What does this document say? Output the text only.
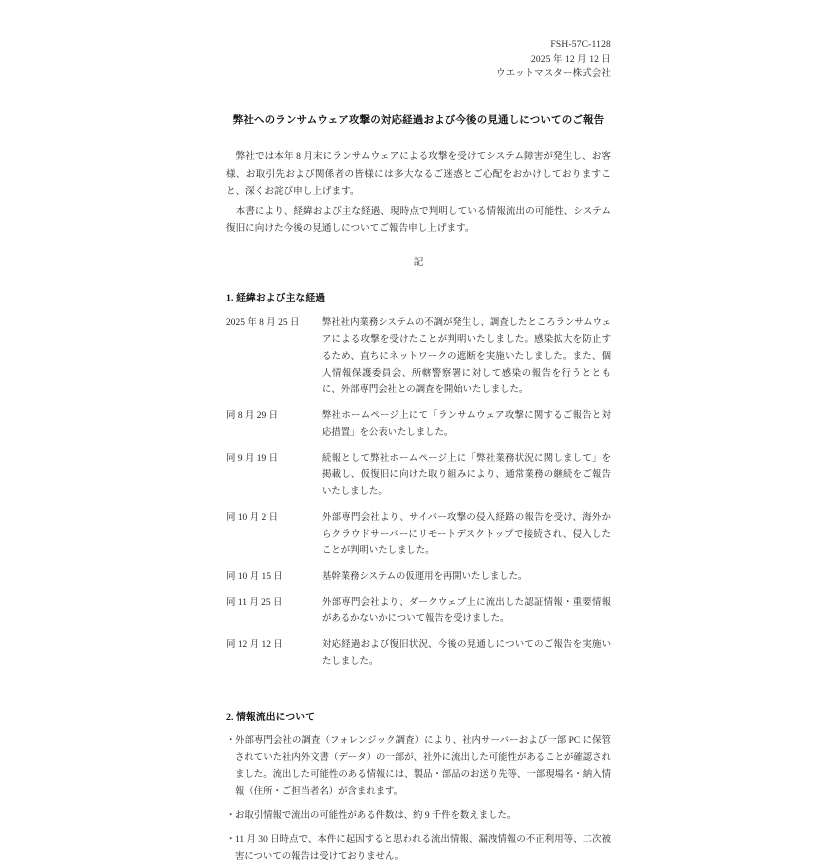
FSH-57C-1128
2025 年 12 月 12 日
ウエットマスター株式会社
弊社へのランサムウェア攻撃の対応経過および今後の見通しについてのご報告

弊社では本年 8 月末にランサムウェアによる攻撃を受けてシステム障害が発生し、お客様、お取引先および関係者の皆様には多大なるご迷惑とご心配をおかけしておりますこと、深くお詫び申し上げます。

本書により、経緯および主な経過、現時点で判明している情報流出の可能性、システム復旧に向けた今後の見通しについてご報告申し上げます。

記
1. 経緯および主な経過
2025 年 8 月 25 日	弊社社内業務システムの不調が発生し、調査したところランサムウェアによる攻撃を受けたことが判明いたしました。感染拡大を防止するため、直ちにネットワークの遮断を実施いたしました。また、個人情報保護委員会、所轄警察署に対して感染の報告を行うとともに、外部専門会社との調査を開始いたしました。
同 8 月 29 日	弊社ホームページ上にて「ランサムウェア攻撃に関するご報告と対応措置」を公表いたしました。
同 9 月 19 日	続報として弊社ホームページ上に「弊社業務状況に関しまして」を掲載し、仮復旧に向けた取り組みにより、通常業務の継続をご報告いたしました。
同 10 月 2 日	外部専門会社より、サイバー攻撃の侵入経路の報告を受け、海外からクラウドサーバーにリモートデスクトップで接続され、侵入したことが判明いたしました。
同 10 月 15 日	基幹業務システムの仮運用を再開いたしました。
同 11 月 25 日	外部専門会社より、ダークウェブ上に流出した認証情報・重要情報があるかないかについて報告を受けました。
同 12 月 12 日	対応経過および復旧状況、今後の見通しについてのご報告を実施いたしました。
2. 情報流出について
・ 外部専門会社の調査（フォレンジック調査）により、社内サーバーおよび一部 PC に保管されていた社内外文書（データ）の一部が、社外に流出した可能性があることが確認されました。流出した可能性のある情報には、製品・部品のお送り先等、一部現場名・納入情報（住所・ご担当者名）が含まれます。
・ お取引情報で流出の可能性がある件数は、約 9 千件を数えました。
・ 11 月 30 日時点で、本件に起因すると思われる流出情報、漏洩情報の不正利用等、二次被害についての報告は受けておりません。
